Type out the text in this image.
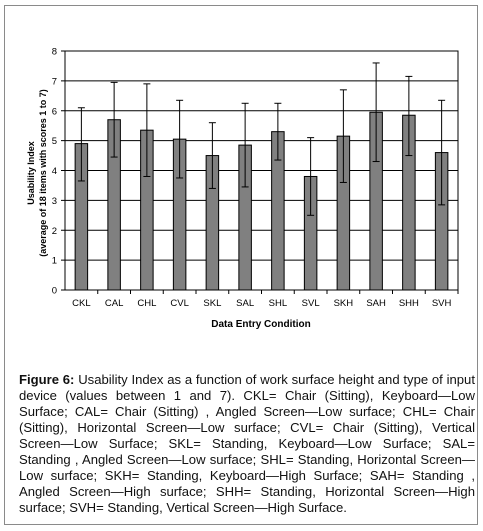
0
1
2
3
4
5
6
7
8
CKL CAL CHL CVL SKL SAL SHL SVL SKH SAH SHH SVH
Data Entry Condition
Usability Index (average of 18 items with scores 1 to 7)
Figure 6: Usability Index as a function of work surface height and type of input device (values between 1 and 7). CKL= Chair (Sitting), Keyboard—Low Surface; CAL= Chair (Sitting) , Angled Screen—Low surface; CHL= Chair (Sitting), Horizontal Screen—Low surface; CVL= Chair (Sitting), Vertical Screen—Low Surface; SKL= Standing, Keyboard—Low Surface; SAL= Standing , Angled Screen—Low surface; SHL= Standing, Horizontal Screen—Low surface; SKH= Standing, Keyboard—High Surface; SAH= Standing , Angled Screen—High surface; SHH= Standing, Horizontal Screen—High surface; SVH= Standing, Vertical Screen—High Surface.
